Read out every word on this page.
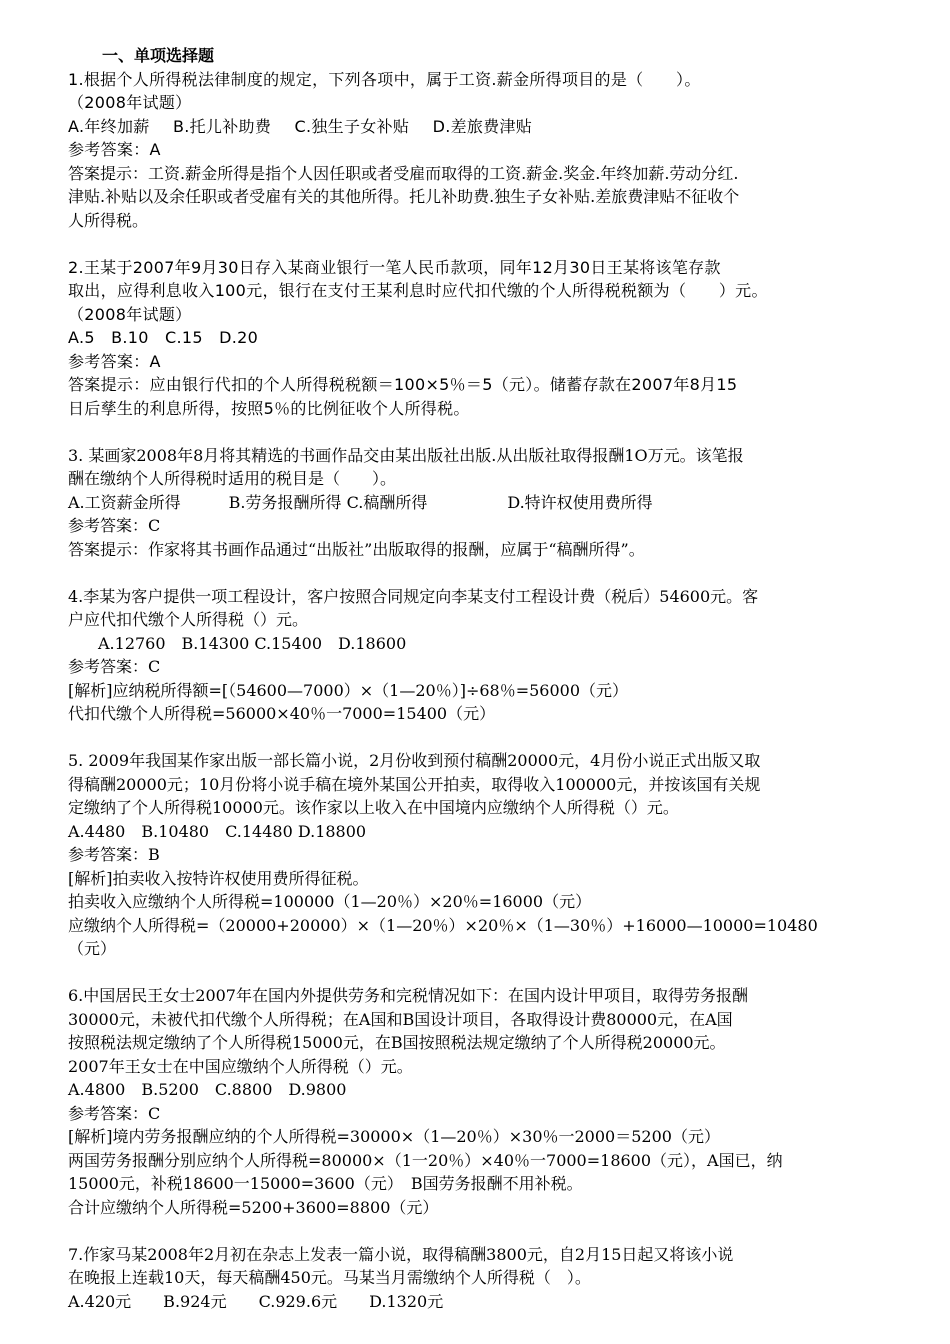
一、单项选择题
1.根据个人所得税法律制度的规定，下列各项中，属于工资.薪金所得项目的是（　　）。
（2008年试题）
A.年终加薪 B.托儿补助费 C.独生子女补贴 D.差旅费津贴
参考答案：A
答案提示：工资.薪金所得是指个人因任职或者受雇而取得的工资.薪金.奖金.年终加薪.劳动分红.
津贴.补贴以及余任职或者受雇有关的其他所得。托儿补助费.独生子女补贴.差旅费津贴不征收个
人所得税。
2.王某于2007年9月30日存入某商业银行一笔人民币款项，同年12月30日王某将该笔存款
取出，应得利息收入100元，银行在支付王某利息时应代扣代缴的个人所得税税额为（　　）元。
（2008年试题）
A.5　B.10　C.15　D.20
参考答案：A
答案提示：应由银行代扣的个人所得税税额＝100×5％＝5（元）。储蓄存款在2007年8月15
日后孳生的利息所得，按照5％的比例征收个人所得税。
3. 某画家2008年8月将其精选的书画作品交由某出版社出版.从出版社取得报酬1O万元。该笔报
酬在缴纳个人所得税时适用的税目是（　　）。
A.工资薪金所得　　　B.劳务报酬所得 C.稿酬所得　　　　　D.特许权使用费所得
参考答案：C
答案提示：作家将其书画作品通过“出版社”出版取得的报酬，应属于“稿酬所得”。
4.李某为客户提供一项工程设计，客户按照合同规定向李某支付工程设计费（税后）54600元。客
户应代扣代缴个人所得税（）元。
A.12760　B.14300 C.15400　D.18600
参考答案：C
[解析]应纳税所得额=[（54600—7000）×（1—20％）]÷68％=56000（元）
代扣代缴个人所得税=56000×40％一7000=15400（元）
5. 2009年我国某作家出版一部长篇小说，2月份收到预付稿酬20000元，4月份小说正式出版又取
得稿酬20000元；10月份将小说手稿在境外某国公开拍卖，取得收入100000元，并按该国有关规
定缴纳了个人所得税10000元。该作家以上收入在中国境内应缴纳个人所得税（）元。
A.4480　B.10480　C.14480 D.18800
参考答案：B
[解析]拍卖收入按特许权使用费所得征税。
拍卖收入应缴纳个人所得税=100000（1—20％）×20％=16000（元）
应缴纳个人所得税=（20000+20000）×（1—20％）×20％×（1—30％）+16000—10000=10480
（元）
6.中国居民王女士2007年在国内外提供劳务和完税情况如下：在国内设计甲项目，取得劳务报酬
30000元，未被代扣代缴个人所得税；在A国和B国设计项目，各取得设计费80000元，在A国
按照税法规定缴纳了个人所得税15000元，在B国按照税法规定缴纳了个人所得税20000元。
2007年王女士在中国应缴纳个人所得税（）元。
A.4800　B.5200　C.8800　D.9800
参考答案：C
[解析]境内劳务报酬应纳的个人所得税=30000×（1—20％）×30％一2000＝5200（元）
两国劳务报酬分别应纳个人所得税=80000×（1一20％）×40％一7000=18600（元），A国已，纳
15000元，补税18600一15000=3600（元）　B国劳务报酬不用补税。
合计应缴纳个人所得税=5200+3600=8800（元）
7.作家马某2008年2月初在杂志上发表一篇小说，取得稿酬3800元，自2月15日起又将该小说
在晚报上连载10天，每天稿酬450元。马某当月需缴纳个人所得税（　）。
A.420元　　B.924元　　C.929.6元　　D.1320元
